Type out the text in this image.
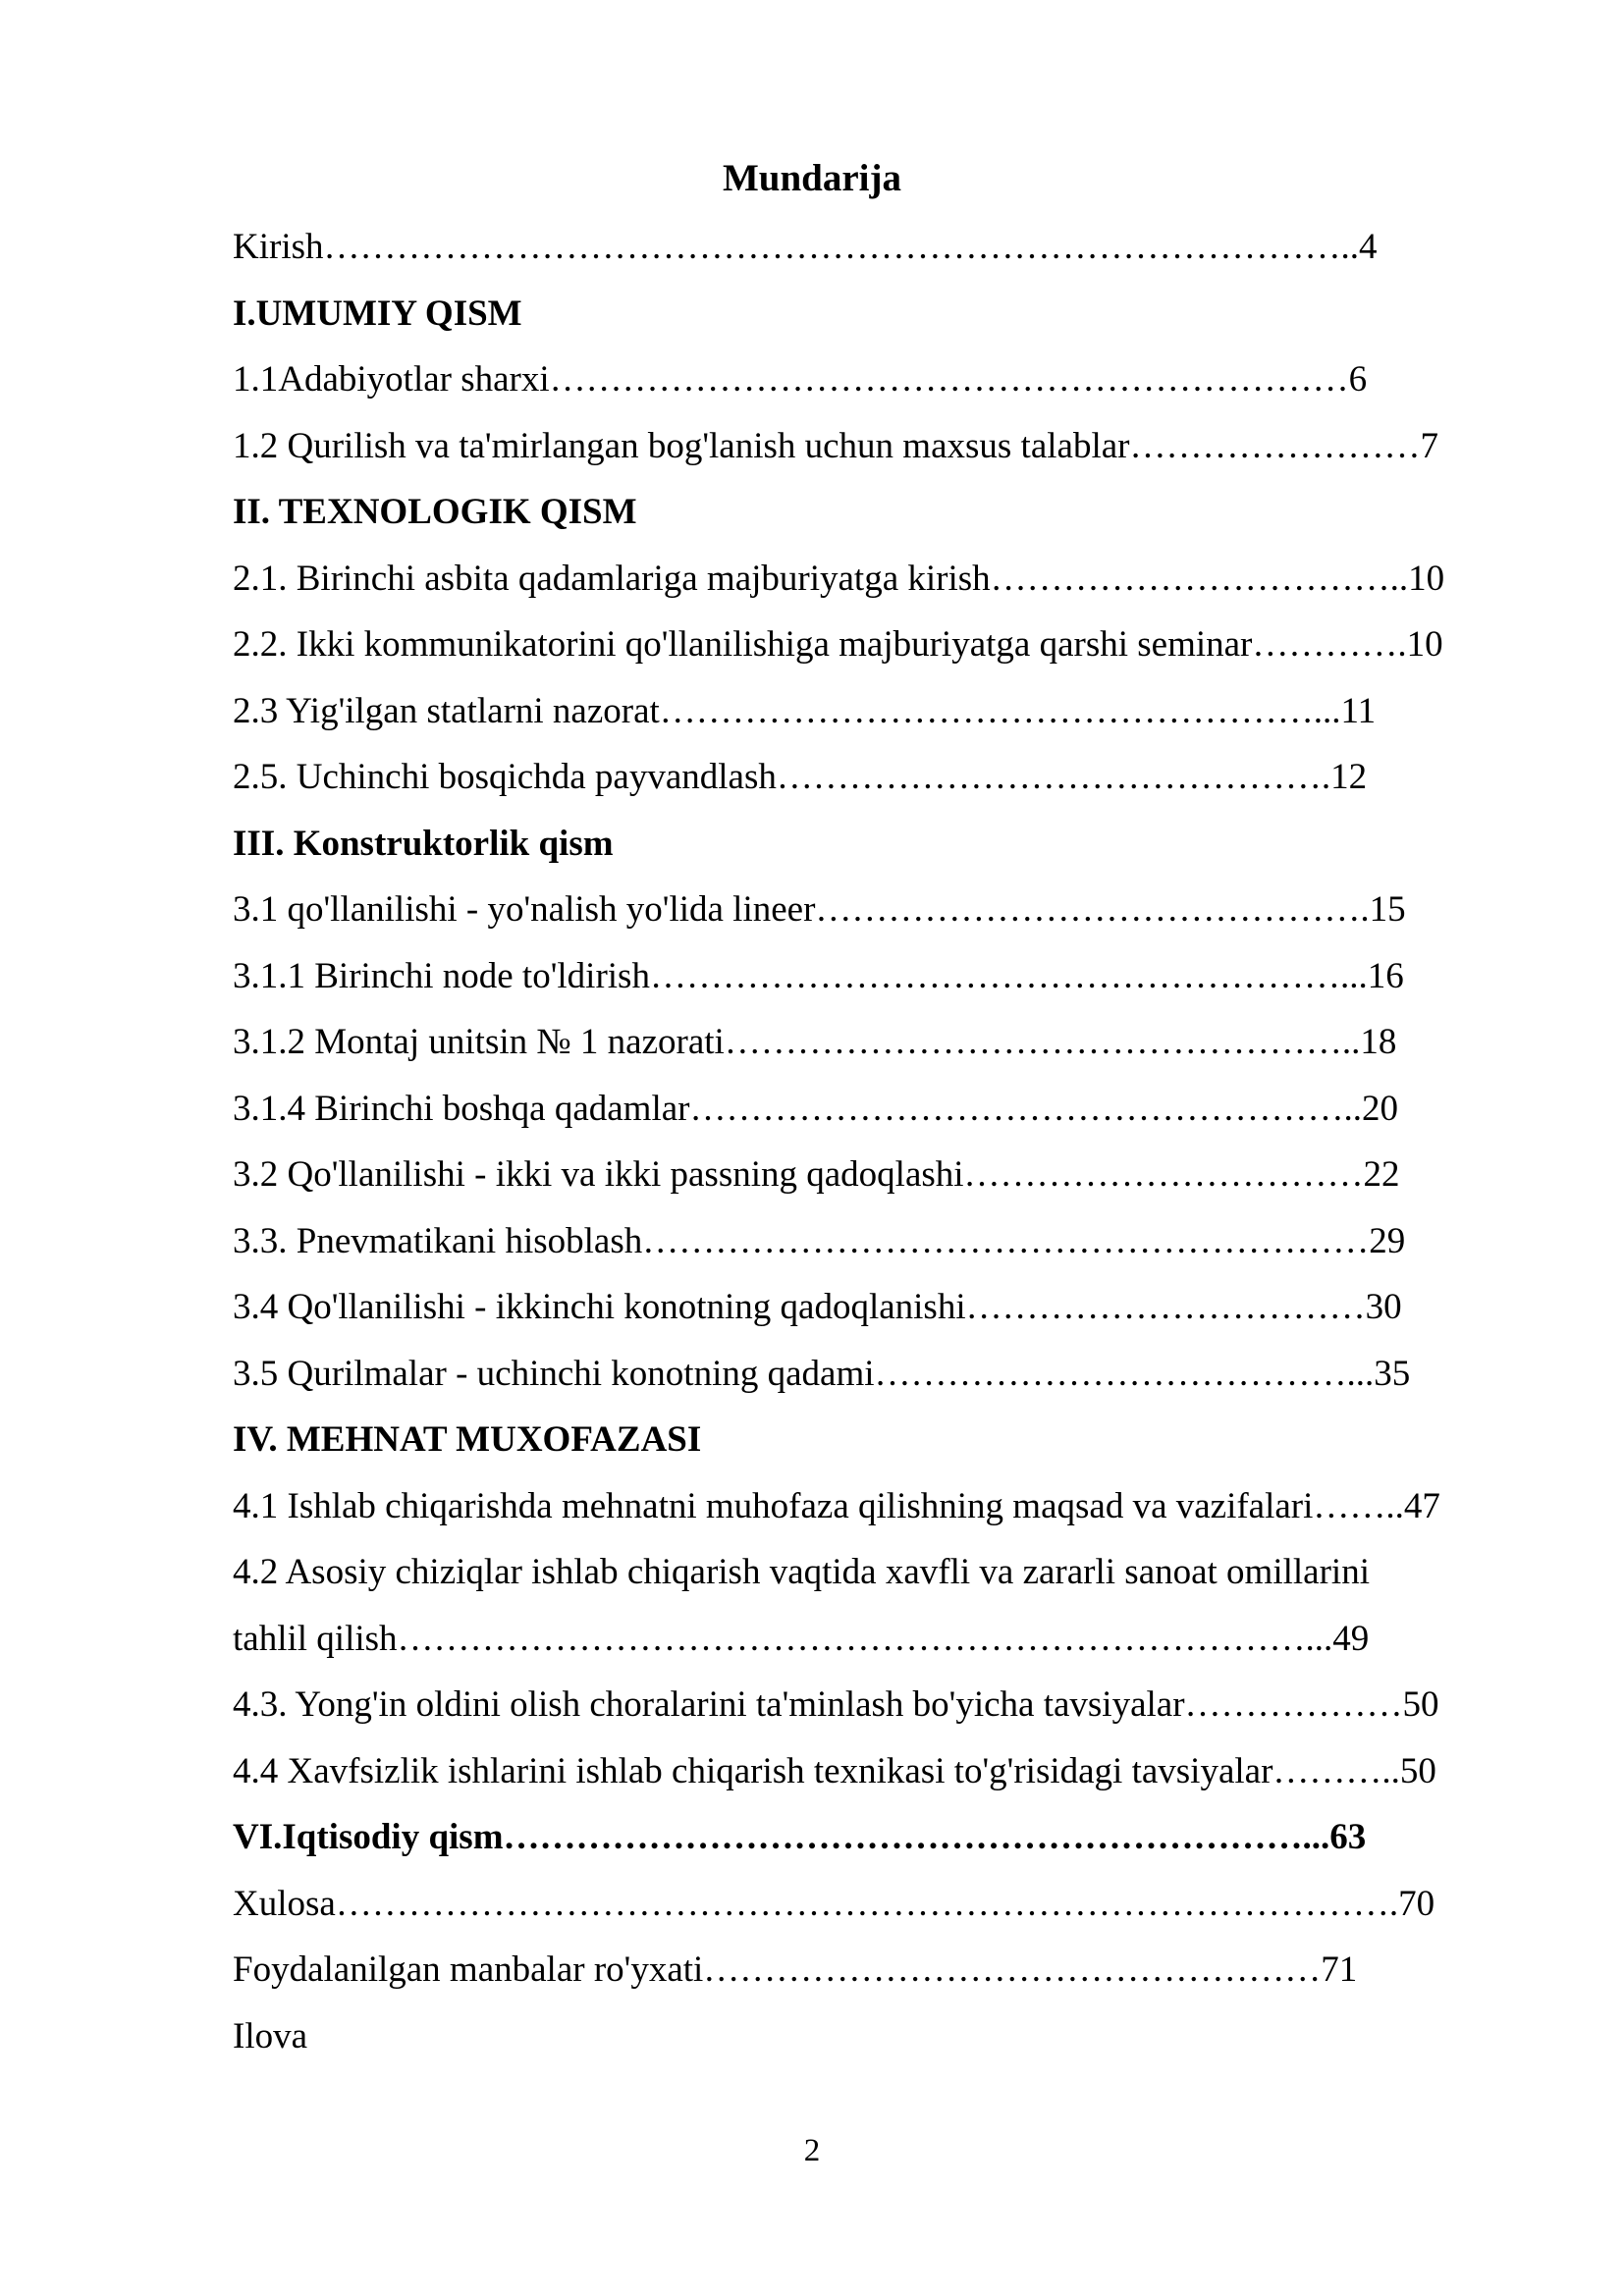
Mundarija
Kirish…………………………………………………………………………..4
I.UMUMIY QISM
1.1Adabiyotlar sharxi…………………………………………………………6
1.2 Qurilish va ta'mirlangan bog'lanish uchun maxsus talablar……………………7
II. TEXNOLOGIK QISM
2.1. Birinchi asbita qadamlariga majburiyatga kirish……………………………..10
2.2. Ikki kommunikatorini qo'llanilishiga majburiyatga qarshi seminar………….10
2.3 Yig'ilgan statlarni nazorat………………………………………………...11
2.5. Uchinchi bosqichda payvandlash……………………………………….12
III. Konstruktorlik qism
3.1 qo'llanilishi - yo'nalish yo'lida lineer……………………………………….15
3.1.1 Birinchi node to'ldirish…………………………………………………...16
3.1.2 Montaj unitsin № 1 nazorati……………………………………………..18
3.1.4 Birinchi boshqa qadamlar………………………………………………..20
3.2 Qo'llanilishi - ikki va ikki passning qadoqlashi……………………………22
3.3. Pnevmatikani hisoblash……………………………………………………29
3.4 Qo'llanilishi - ikkinchi konotning qadoqlanishi……………………………30
3.5 Qurilmalar - uchinchi konotning qadami…………………………………...35
IV. MEHNAT MUXOFAZASI
4.1 Ishlab chiqarishda mehnatni muhofaza qilishning maqsad va vazifalari……..47
4.2 Asosiy chiziqlar ishlab chiqarish vaqtida xavfli va zararli sanoat omillarini
tahlil qilish…………………………………………………………………...49
4.3. Yong'in oldini olish choralarini ta'minlash bo'yicha tavsiyalar………………50
4.4 Xavfsizlik ishlarini ishlab chiqarish texnikasi to'g'risidagi tavsiyalar………..50
VI.Iqtisodiy qism…………………………………………………………...63
Xulosa…………………………………………………………………………….70
Foydalanilgan manbalar ro'yxati……………………………………………71
Ilova
2
